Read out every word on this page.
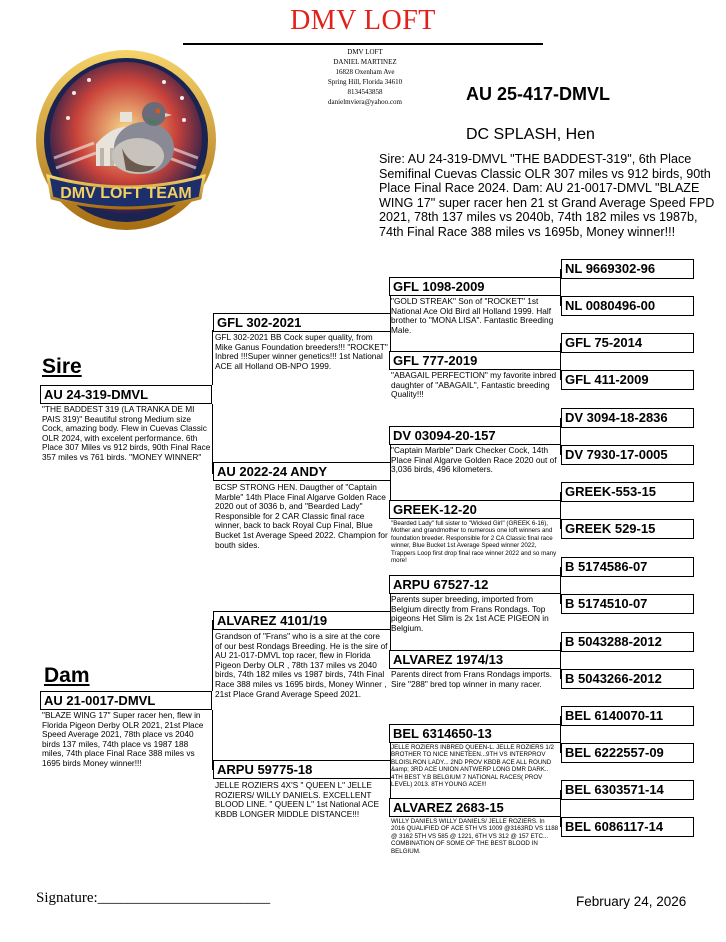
DMV LOFT
DMV LOFT
DANIEL MARTINEZ
16828 Oxenham Ave
Spring Hill, Florida 34610
8134543858
danielmviera@yahoo.com
DMV LOFT TEAM
AU 25-417-DMVL
DC SPLASH, Hen
Sire: AU 24-319-DMVL "THE BADDEST-319", 6th Place Semifinal Cuevas Classic OLR 307 miles vs 912 birds, 90th Place Final Race 2024. Dam: AU 21-0017-DMVL "BLAZE WING 17" super racer hen 21 st Grand Average Speed FPD 2021, 78th 137 miles vs 2040b, 74th 182 miles vs 1987b, 74th Final Race 388 miles vs 1695b, Money winner!!!
Sire
AU 24-319-DMVL
"THE BADDEST 319 (LA TRANKA DE MI PAIS 319)" Beautiful strong Medium size Cock, amazing body. Flew in Cuevas Classic OLR 2024, with excelent performance. 6th Place 307 Miles vs 912 birds, 90th Final Race 357 miles vs 761 birds. "MONEY WINNER"
Dam
AU 21-0017-DMVL
"BLAZE WING 17" Super racer hen, flew in Florida Pigeon Derby OLR 2021, 21st Place Speed Average 2021, 78th place vs 2040 birds 137 miles, 74th place vs 1987 188 miles, 74th place Final Race 388 miles vs 1695 birds Money winner!!!
GFL 302-2021
GFL 302-2021 BB Cock super quality, from Mike Ganus Foundation breeders!!! "ROCKET" Inbred !!!Super winner genetics!!! 1st National ACE all Holland OB-NPO 1999.
AU 2022-24 ANDY
BCSP STRONG HEN. Daugther of "Captain Marble" 14th Place Final Algarve Golden Race 2020 out of 3036 b, and "Bearded Lady" Responsible for 2 CAR Classic final race winner, back to back Royal Cup Final, Blue Bucket 1st Average Speed 2022. Champion for bouth sides.
ALVAREZ 4101/19
Grandson of "Frans" who is a sire at the core of our best Rondags Breeding. He is the sire of AU 21-017-DMVL top racer, flew in Florida Pigeon Derby OLR , 78th 137 miles vs 2040 birds, 74th 182 miles vs 1987 birds, 74th Final Race 388 miles vs 1695 birds, Money Winner , 21st Place Grand Average Speed 2021.
ARPU 59775-18
JELLE ROZIERS 4X'S " QUEEN L" JELLE ROZIERS/ WILLY DANIELS. EXCELLENT BLOOD LINE. " QUEEN L" 1st National ACE KBDB LONGER MIDDLE DISTANCE!!!
GFL 1098-2009
"GOLD STREAK" Son of "ROCKET" 1st National Ace Old Bird all Holland 1999. Half brother to "MONA LISA". Fantastic Breeding Male.
GFL 777-2019
"ABAGAIL PERFECTION" my favorite inbred daughter of "ABAGAIL", Fantastic breeding Quality!!!
DV 03094-20-157
"Captain Marble" Dark Checker Cock, 14th Place Final Algarve Golden Race 2020 out of 3,036 birds, 496 kilometers.
GREEK-12-20
"Bearded Lady" full sister to "Wicked Girl" (GREEK 6-16), Mother and grandmother to numerous one loft winners and foundation breeder. Responsible for 2 CA Classic final race winner, Blue Bucket 1st Average Speed winner 2022, Trappers Loop first drop final race winner 2022 and so many more!
ARPU 67527-12
Parents super breeding, imported from Belgium directly from Frans Rondags. Top pigeons Het Slim is 2x 1st ACE PIGEON in Belgium.
ALVAREZ 1974/13
Parents direct from Frans Rondags imports. Sire "288" bred top winner in many racer.
BEL 6314650-13
JELLE ROZIERS INBRED QUEEN-L. JELLE ROZIERS 1/2 BROTHER TO NICE NINETEEN...9TH VS INTERPROV BLOISLRON LADY... 2ND PROV KBDB ACE ALL ROUND &amp; 3RD ACE UNION ANTWERP LONG DMR DARK.. 4TH BEST Y.B BELGIUM 7 NATIONAL RACES( PROV LEVEL) 2013. 8TH YOUNG ACE!!!
ALVAREZ 2683-15
WILLY DANIELS WILLY DANIELS/ JELLE ROZIERS. In 2016 QUALIFIED OF ACE 5TH VS 1009 @3163RD VS 1188 @ 3162 5TH VS 585 @ 1221, 6TH VS 312 @ 157 ETC... COMBINATION OF SOME OF THE BEST BLOOD IN BELGIUM.
NL 9669302-96
NL 0080496-00
GFL 75-2014
GFL 411-2009
DV 3094-18-2836
DV 7930-17-0005
GREEK-553-15
GREEK 529-15
B 5174586-07
B 5174510-07
B 5043288-2012
B 5043266-2012
BEL 6140070-11
BEL 6222557-09
BEL 6303571-14
BEL 6086117-14
Signature:_______________________	February 24, 2026
